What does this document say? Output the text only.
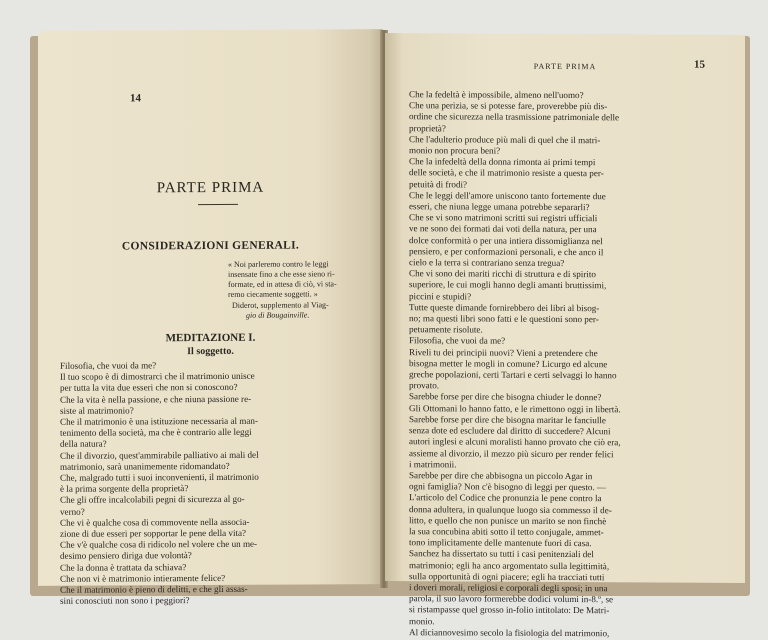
14
PARTE PRIMA
CONSIDERAZIONI GENERALI.
« Noi parleremo contro le leggi
insensate fino a che esse sieno ri-
formate, ed in attesa di ciò, vi sta-
remo ciecamente soggetti. »
Diderot, supplemento al Viag-
gio di Bougainville.
MEDITAZIONE I.
Il soggetto.
Filosofia, che vuoi da me?
Il tuo scopo è di dimostrarci che il matrimonio unisce
per tutta la vita due esseri che non si conoscono?
Che la vita è nella passione, e che niuna passione re-
siste al matrimonio?
Che il matrimonio è una istituzione necessaria al man-
tenimento della società, ma che è contrario alle leggi
della natura?
Che il divorzio, quest'ammirabile palliativo ai mali del
matrimonio, sarà unanimemente ridomandato?
Che, malgrado tutti i suoi inconvenienti, il matrimonio
è la prima sorgente della proprietà?
Che gli offre incalcolabili pegni di sicurezza al go-
verno?
Che vi è qualche cosa di commovente nella associa-
zione di due esseri per sopportar le pene della vita?
Che v'è qualche cosa di ridicolo nel volere che un me-
desimo pensiero diriga due volontà?
Che la donna è trattata da schiava?
Che non vi è matrimonio intieramente felice?
Che il matrimonio è pieno di delitti, e che gli assas-
sini conosciuti non sono i peggiori?
PARTE PRIMA	15
Che la fedeltà è impossibile, almeno nell'uomo?
Che una perizia, se si potesse fare, proverebbe più dis-
ordine che sicurezza nella trasmissione patrimoniale delle
proprietà?
Che l'adulterio produce più mali di quel che il matri-
monio non procura beni?
Che la infedeltà della donna rimonta ai primi tempi
delle società, e che il matrimonio resiste a questa per-
petuità di frodi?
Che le leggi dell'amore uniscono tanto fortemente due
esseri, che niuna legge umana potrebbe separarli?
Che se vi sono matrimoni scritti sui registri ufficiali
ve ne sono dei formati dai voti della natura, per una
dolce conformità o per una intiera dissomiglianza nel
pensiero, e per conformazioni personali, e che anco il
cielo e la terra si contrariano senza tregua?
Che vi sono dei mariti ricchi di struttura e di spirito
superiore, le cui mogli hanno degli amanti bruttissimi,
piccini e stupidi?
Tutte queste dimande fornirebbero dei libri al bisog-
no; ma questi libri sono fatti e le questioni sono per-
petuamente risolute.
Filosofia, che vuoi da me?
Riveli tu dei principii nuovi? Vieni a pretendere che
bisogna metter le mogli in comune? Licurgo ed alcune
greche popolazioni, certi Tartari e certi selvaggi lo hanno
provato.
Sarebbe forse per dire che bisogna chiuder le donne?
Gli Ottomani lo hanno fatto, e le rimettono oggi in libertà.
Sarebbe forse per dire che bisogna maritar le fanciulle
senza dote ed escludere dal diritto di succedere? Alcuni
autori inglesi e alcuni moralisti hanno provato che ciò era,
assieme al divorzio, il mezzo più sicuro per render felici
i matrimonii.
Sarebbe per dire che abbisogna un piccolo Agar in
ogni famiglia? Non c'è bisogno di leggi per questo. —
L'articolo del Codice che pronunzia le pene contro la
donna adultera, in qualunque luogo sia commesso il de-
litto, e quello che non punisce un marito se non finchè
la sua concubina abiti sotto il tetto conjugale, ammet-
tono implicitamente delle mantenute fuori di casa.
Sanchez ha dissertato su tutti i casi penitenziali del
matrimonio; egli ha anco argomentato sulla legittimità,
sulla opportunità di ogni piacere; egli ha tracciati tutti
i doveri morali, religiosi e corporali degli sposi; in una
parola, il suo lavoro formerebbe dodici volumi in-8.º, se
si ristampasse quel grosso in-folio intitolato: De Matri-
monio.
Al diciannovesimo secolo la fisiologia del matrimonio,
